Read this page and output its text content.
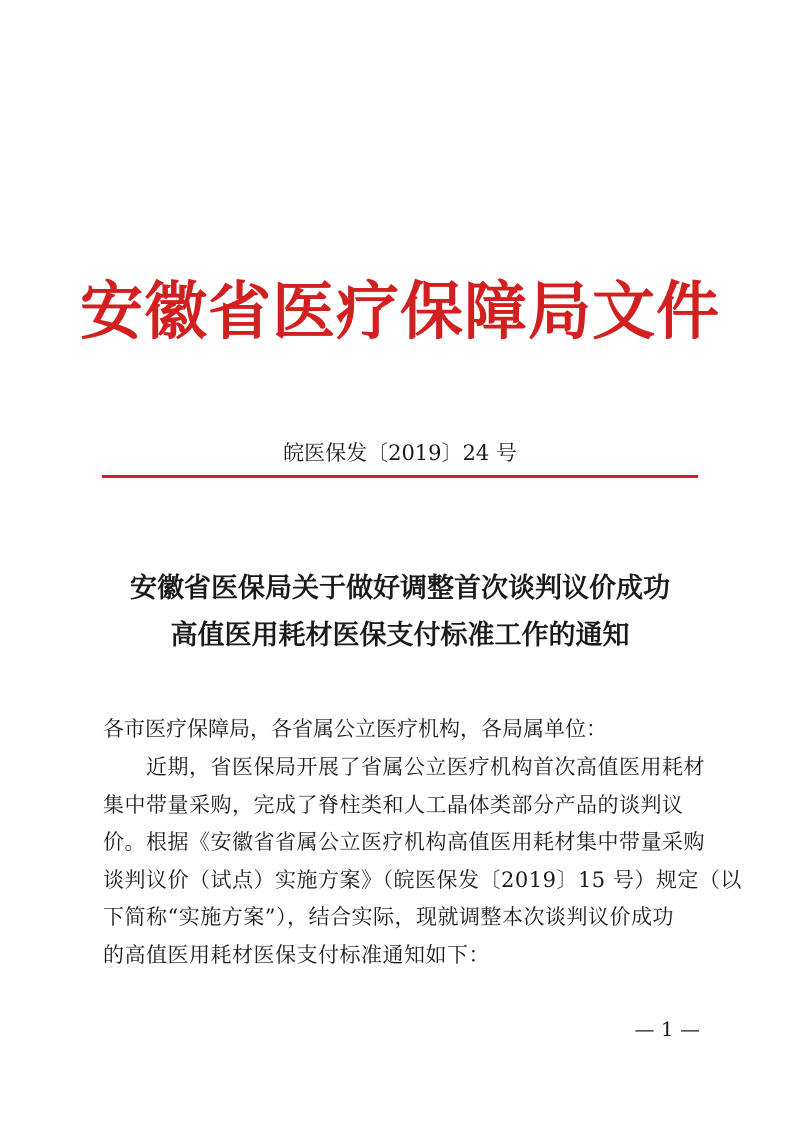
安徽省医疗保障局文件
皖医保发〔2019〕24 号
安徽省医保局关于做好调整首次谈判议价成功
高值医用耗材医保支付标准工作的通知
各市医疗保障局，各省属公立医疗机构，各局属单位：
　　近期，省医保局开展了省属公立医疗机构首次高值医用耗材
集中带量采购，完成了脊柱类和人工晶体类部分产品的谈判议
价。根据《安徽省省属公立医疗机构高值医用耗材集中带量采购
谈判议价（试点）实施方案》（皖医保发〔2019〕15 号）规定（以
下简称“实施方案”），结合实际，现就调整本次谈判议价成功
的高值医用耗材医保支付标准通知如下：
— 1 —
